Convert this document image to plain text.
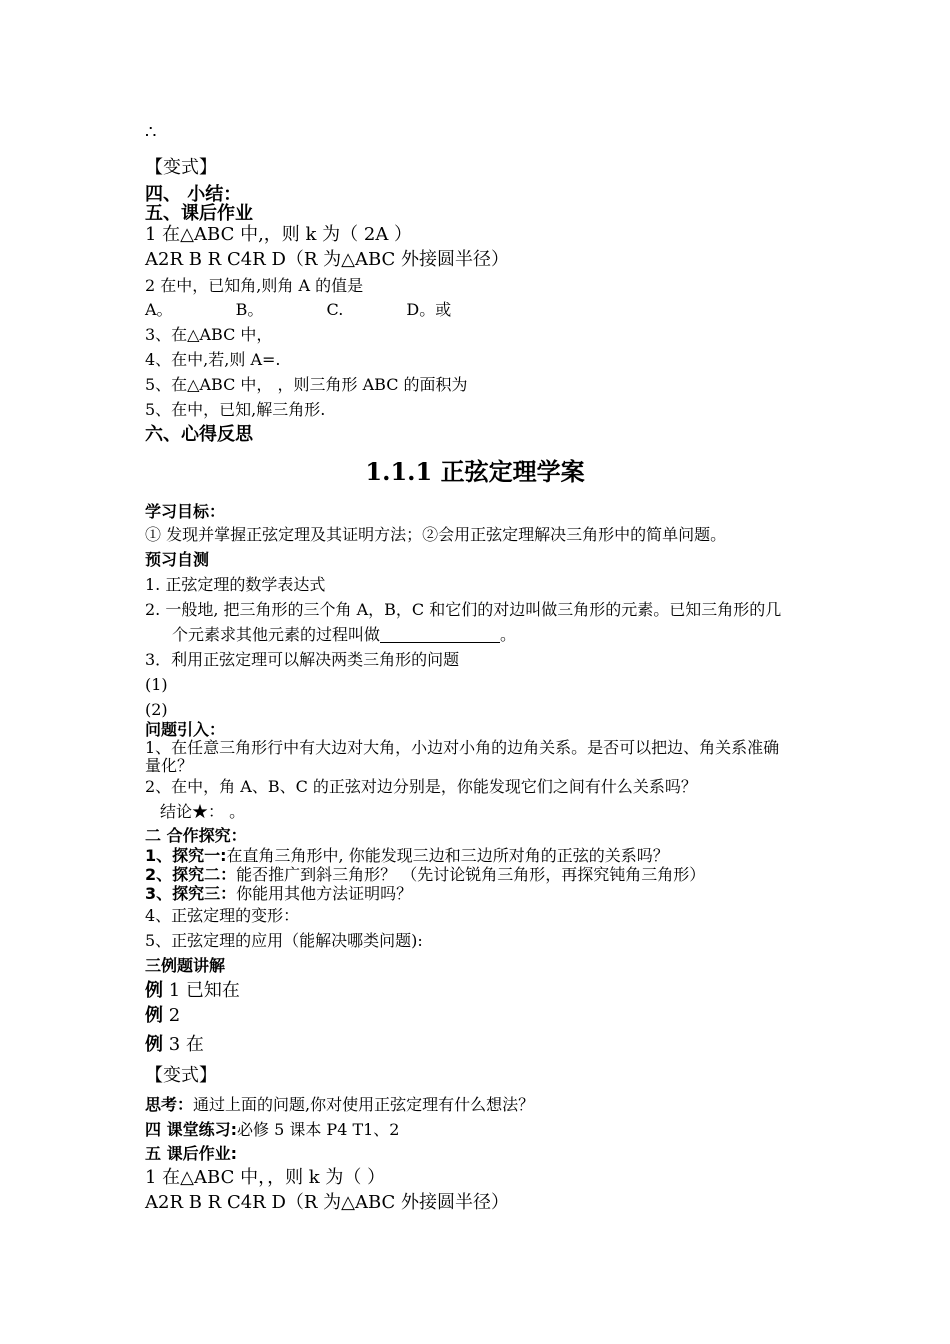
∴
【变式】
四、 小结：
五、课后作业
1 在△ABC 中,，则 k 为（ 2A ）
A2R B R C4R D（R 为△ABC 外接圆半径）
2 在中，已知角,则角 A 的值是
A。	B。	C.	D。或
3、在△ABC 中，
4、在中,若,则 A=.
5、在△ABC 中， ，则三角形 ABC 的面积为
5、在中，已知,解三角形.
六、心得反思
1.1.1 正弦定理学案
学习目标：
① 发现并掌握正弦定理及其证明方法；②会用正弦定理解决三角形中的简单问题。
预习自测
1. 正弦定理的数学表达式
2. 一般地, 把三角形的三个角 A，B，C 和它们的对边叫做三角形的元素。已知三角形的几
个元素求其他元素的过程叫做	。
3．利用正弦定理可以解决两类三角形的问题
(1)
(2)
问题引入：
1、在任意三角形行中有大边对大角，小边对小角的边角关系。是否可以把边、角关系准确
量化？
2、在中，角 A、B、C 的正弦对边分别是，你能发现它们之间有什么关系吗？
结论★： 。
二 合作探究：
1、探究一:在直角三角形中, 你能发现三边和三边所对角的正弦的关系吗？
2、探究二：能否推广到斜三角形？ （先讨论锐角三角形，再探究钝角三角形）
3、探究三：你能用其他方法证明吗？
4、正弦定理的变形：
5、正弦定理的应用（能解决哪类问题):
三例题讲解
例 1 已知在
例 2
例 3 在
【变式】
思考：通过上面的问题,你对使用正弦定理有什么想法？
四 课堂练习:必修 5 课本 P4 T1、2
五 课后作业:
1 在△ABC 中，，则 k 为（ ）
A2R B R C4R D（R 为△ABC 外接圆半径）
